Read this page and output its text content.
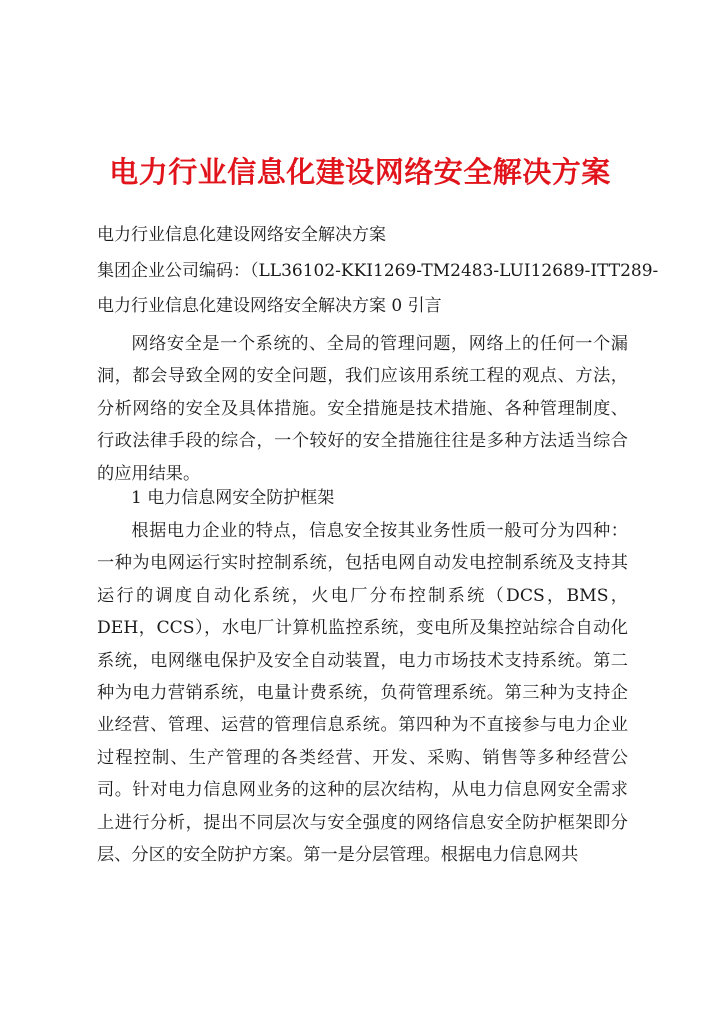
电力行业信息化建设网络安全解决方案
电力行业信息化建设网络安全解决方案
集团企业公司编码：（LL36102-KKI1269-TM2483-LUI12689-ITT289-
电力行业信息化建设网络安全解决方案 0 引言

网络安全是一个系统的、全局的管理问题，网络上的任何一个漏洞，都会导致全网的安全问题，我们应该用系统工程的观点、方法，分析网络的安全及具体措施。安全措施是技术措施、各种管理制度、行政法律手段的综合，一个较好的安全措施往往是多种方法适当综合的应用结果。

1 电力信息网安全防护框架

根据电力企业的特点，信息安全按其业务性质一般可分为四种：一种为电网运行实时控制系统，包括电网自动发电控制系统及支持其运行的调度自动化系统，火电厂分布控制系统（DCS，BMS，DEH，CCS），水电厂计算机监控系统，变电所及集控站综合自动化系统，电网继电保护及安全自动装置，电力市场技术支持系统。第二种为电力营销系统，电量计费系统，负荷管理系统。第三种为支持企业经营、管理、运营的管理信息系统。第四种为不直接参与电力企业过程控制、生产管理的各类经营、开发、采购、销售等多种经营公司。针对电力信息网业务的这种的层次结构，从电力信息网安全需求上进行分析，提出不同层次与安全强度的网络信息安全防护框架即分层、分区的安全防护方案。第一是分层管理。根据电力信息网共
